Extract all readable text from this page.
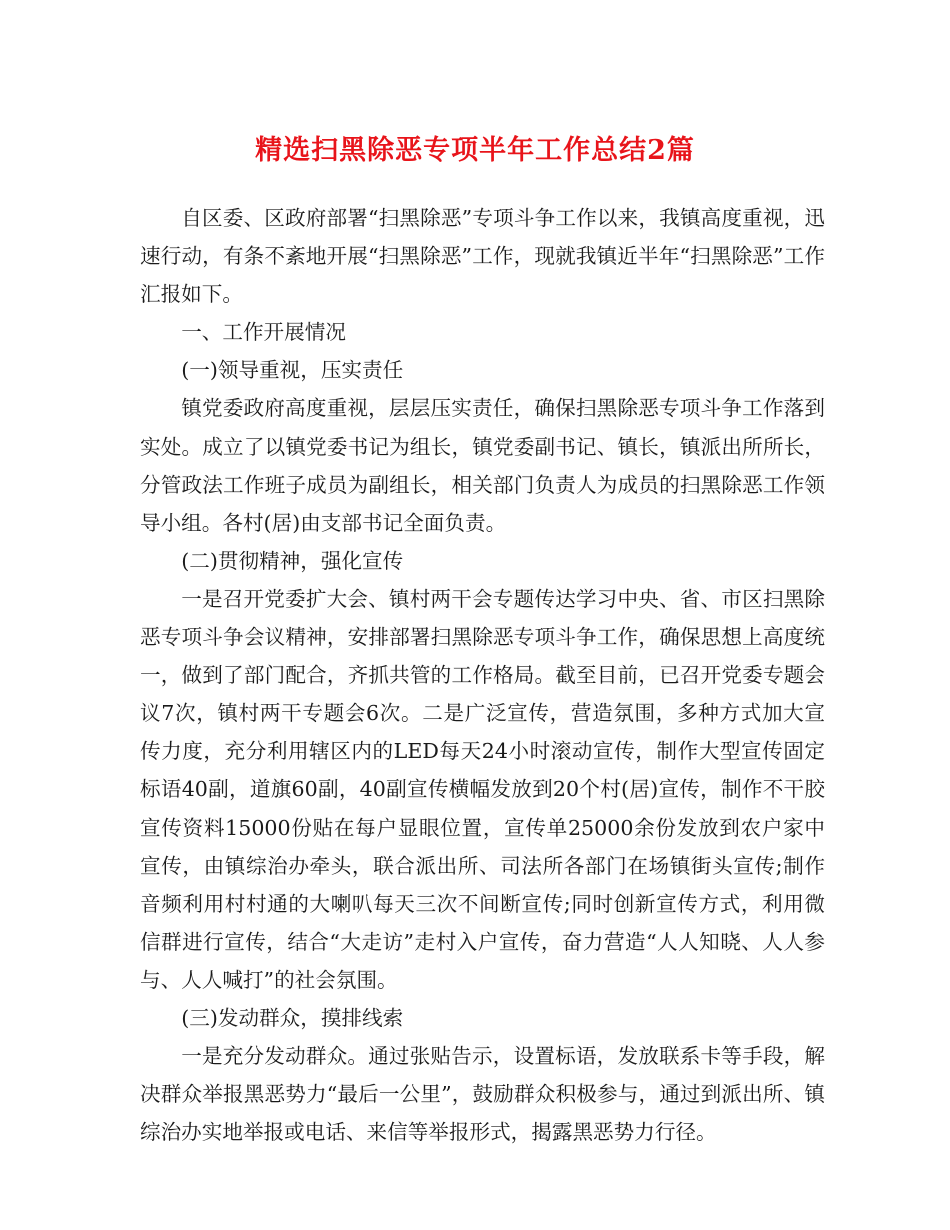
精选扫黑除恶专项半年工作总结2篇

自区委、区政府部署“扫黑除恶”专项斗争工作以来，我镇高度重视，迅速行动，有条不紊地开展“扫黑除恶”工作，现就我镇近半年“扫黑除恶”工作汇报如下。

一、工作开展情况

(一)领导重视，压实责任

镇党委政府高度重视，层层压实责任，确保扫黑除恶专项斗争工作落到实处。成立了以镇党委书记为组长，镇党委副书记、镇长，镇派出所所长，分管政法工作班子成员为副组长，相关部门负责人为成员的扫黑除恶工作领导小组。各村(居)由支部书记全面负责。

(二)贯彻精神，强化宣传

一是召开党委扩大会、镇村两干会专题传达学习中央、省、市区扫黑除恶专项斗争会议精神，安排部署扫黑除恶专项斗争工作，确保思想上高度统一，做到了部门配合，齐抓共管的工作格局。截至目前，已召开党委专题会议7次，镇村两干专题会6次。二是广泛宣传，营造氛围，多种方式加大宣传力度，充分利用辖区内的LED每天24小时滚动宣传，制作大型宣传固定标语40副，道旗60副，40副宣传横幅发放到20个村(居)宣传，制作不干胶宣传资料15000份贴在每户显眼位置，宣传单25000余份发放到农户家中宣传，由镇综治办牵头，联合派出所、司法所各部门在场镇街头宣传;制作音频利用村村通的大喇叭每天三次不间断宣传;同时创新宣传方式，利用微信群进行宣传，结合“大走访”走村入户宣传，奋力营造“人人知晓、人人参与、人人喊打”的社会氛围。

(三)发动群众，摸排线索

一是充分发动群众。通过张贴告示，设置标语，发放联系卡等手段，解决群众举报黑恶势力“最后一公里”，鼓励群众积极参与，通过到派出所、镇综治办实地举报或电话、来信等举报形式，揭露黑恶势力行径。
